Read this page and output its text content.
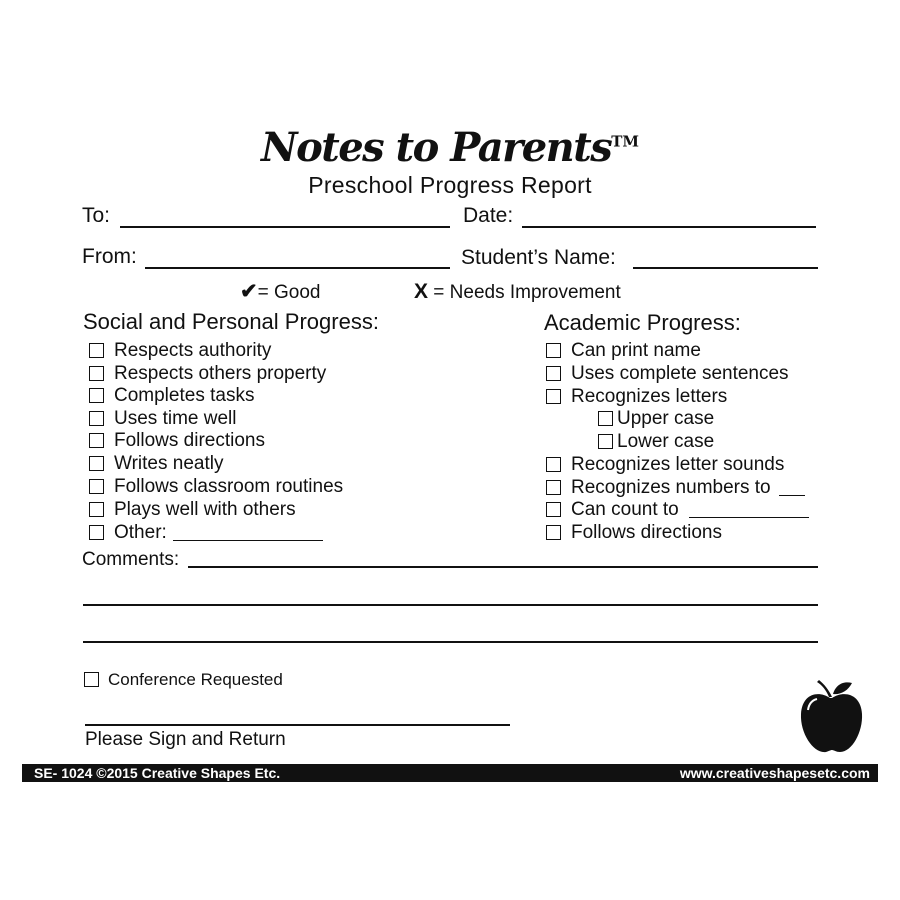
Notes to Parents™
Preschool Progress Report
To:	Date:
From:	Student’s Name:
✔= Good	X = Needs Improvement
Social and Personal Progress:	Academic Progress:
Respects authority
Respects others property
Completes tasks
Uses time well
Follows directions
Writes neatly
Follows classroom routines
Plays well with others
Other:
Can print name
Uses complete sentences
Recognizes letters
Upper case
Lower case
Recognizes letter sounds
Recognizes numbers to
Can count to
Follows directions
Comments:
Conference Requested
Please Sign and Return
SE- 1024 ©2015 Creative Shapes Etc.	www.creativeshapesetc.com
